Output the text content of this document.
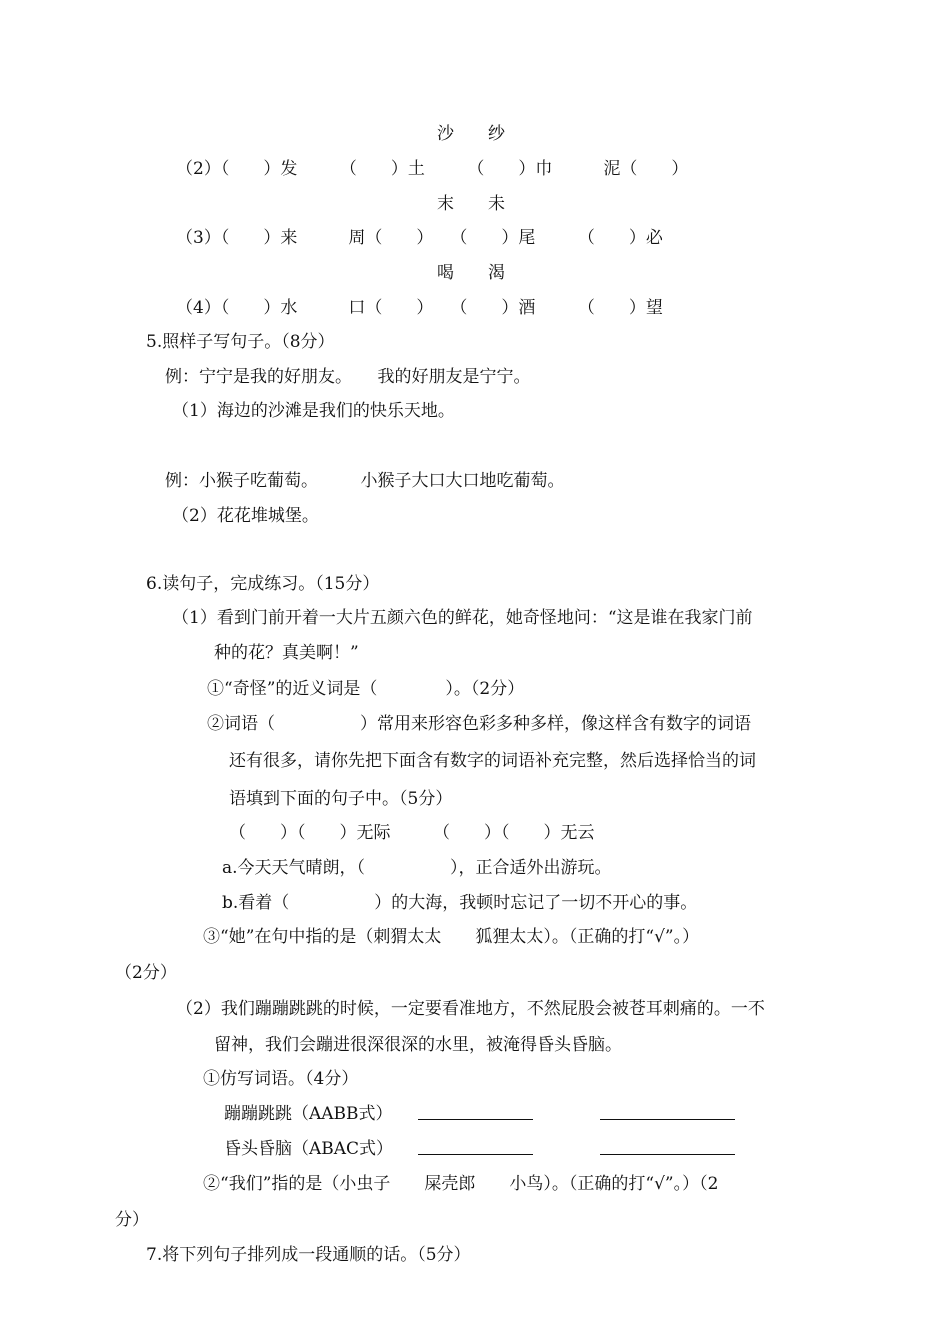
沙　　纱
（2）（　　）发　　　（　　）土　　　（　　）巾　　　泥（　　）
末　　未
（3）（　　）来　　　周（　　）　　（　　）尾　　　（　　）必
喝　　渴
（4）（　　）水　　　口（　　）　　（　　）酒　　　（　　）望
5.照样子写句子。（8分）
例：宁宁是我的好朋友。　　我的好朋友是宁宁。
（1）海边的沙滩是我们的快乐天地。
例：小猴子吃葡萄。　　　小猴子大口大口地吃葡萄。
（2）花花堆城堡。
6.读句子，完成练习。（15分）
（1）看到门前开着一大片五颜六色的鲜花，她奇怪地问：“这是谁在我家门前
种的花？真美啊！”
①“奇怪”的近义词是（　　　　）。（2分）
②词语（　　　　　）常用来形容色彩多种多样，像这样含有数字的词语
还有很多，请你先把下面含有数字的词语补充完整，然后选择恰当的词
语填到下面的句子中。（5分）
（　　）（　　）无际　　　（　　）（　　）无云
a.今天天气晴朗，（　　　　　），正合适外出游玩。
b.看着（　　　　　）的大海，我顿时忘记了一切不开心的事。
③“她”在句中指的是（刺猬太太　　狐狸太太）。（正确的打“√”。）
（2分）
（2）我们蹦蹦跳跳的时候，一定要看准地方，不然屁股会被苍耳刺痛的。一不
留神，我们会蹦进很深很深的水里，被淹得昏头昏脑。
①仿写词语。（4分）
蹦蹦跳跳（AABB式）
昏头昏脑（ABAC式）
②“我们”指的是（小虫子　　屎壳郎　　小鸟）。（正确的打“√”。）（2
分）
7.将下列句子排列成一段通顺的话。（5分）
